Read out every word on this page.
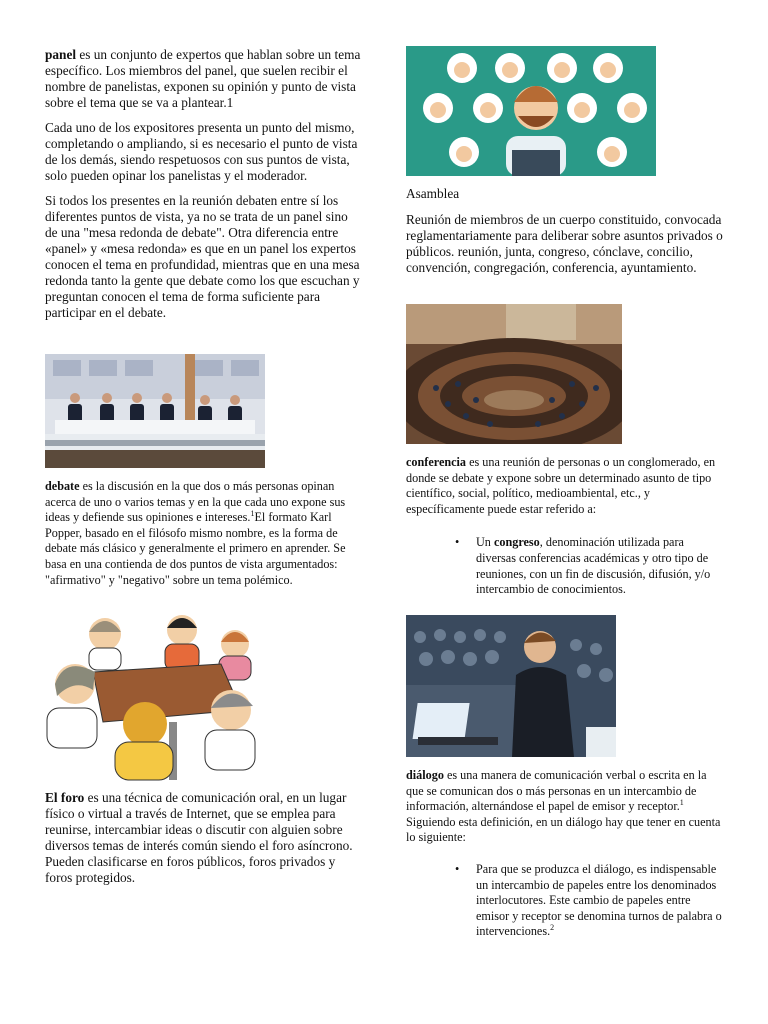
panel es un conjunto de expertos que hablan sobre un tema específico. Los miembros del panel, que suelen recibir el nombre de panelistas, exponen su opinión y punto de vista sobre el tema que se va a plantear.1

Cada uno de los expositores presenta un punto del mismo, completando o ampliando, si es necesario el punto de vista de los demás, siendo respetuosos con sus puntos de vista, solo pueden opinar los panelistas y el moderador.

Si todos los presentes en la reunión debaten entre sí los diferentes puntos de vista, ya no se trata de un panel sino de una "mesa redonda de debate". Otra diferencia entre «panel» y «mesa redonda» es que en un panel los expertos conocen el tema en profundidad, mientras que en una mesa redonda tanto la gente que debate como los que escuchan y preguntan conocen el tema de forma suficiente para participar en el debate.

debate es la discusión en la que dos o más personas opinan acerca de uno o varios temas y en la que cada uno expone sus ideas y defiende sus opiniones e intereses.$^1$El formato Karl Popper, basado en el filósofo mismo nombre, es la forma de debate más clásico y generalmente el primero en aprender. Se basa en una contienda de dos puntos de vista argumentados: "afirmativo" y "negativo" sobre un tema polémico.

El foro es una técnica de comunicación oral, en un lugar físico o virtual a través de Internet, que se emplea para reunirse, intercambiar ideas o discutir con alguien sobre diversos temas de interés común siendo el foro asíncrono. Pueden clasificarse en foros públicos, foros privados y foros protegidos.

Asamblea

Reunión de miembros de un cuerpo constituido, convocada reglamentariamente para deliberar sobre asuntos privados o públicos. reunión, junta, congreso, cónclave, concilio, convención, congregación, conferencia, ayuntamiento.

conferencia es una reunión de personas o un conglomerado, en donde se debate y expone sobre un determinado asunto de tipo científico, social, político, medioambiental, etc., y específicamente puede estar referido a:

• Un congreso, denominación utilizada para diversas conferencias académicas y otro tipo de reuniones, con un fin de discusión, difusión, y/o intercambio de conocimientos.

diálogo es una manera de comunicación verbal o escrita en la que se comunican dos o más personas en un intercambio de información, alternándose el papel de emisor y receptor.$^1$ Siguiendo esta definición, en un diálogo hay que tener en cuenta lo siguiente:

• Para que se produzca el diálogo, es indispensable un intercambio de papeles entre los denominados interlocutores. Este cambio de papeles entre emisor y receptor se denomina turnos de palabra o intervenciones.$^2$
